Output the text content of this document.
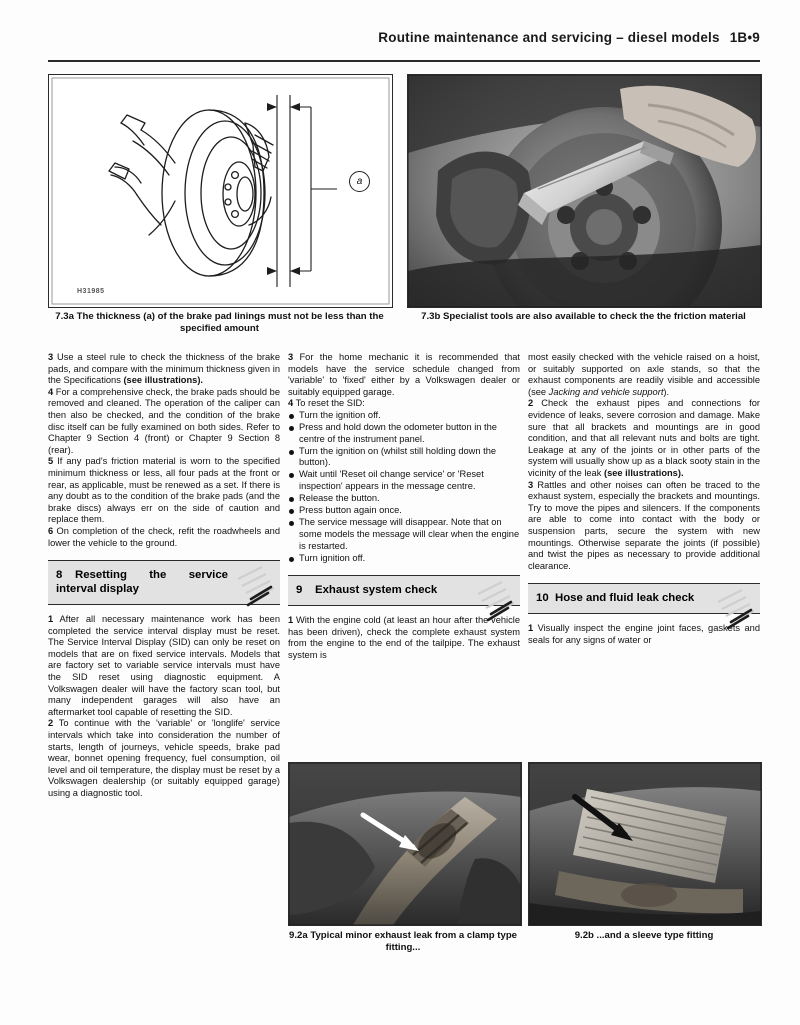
Routine maintenance and servicing – diesel models 1B•9
a
H31985
7.3a The thickness (a) of the brake pad linings must not be less than the specified amount
7.3b Specialist tools are also available to check the the friction material

3 Use a steel rule to check the thickness of the brake pads, and compare with the minimum thickness given in the Specifications (see illustrations).

4 For a comprehensive check, the brake pads should be removed and cleaned. The operation of the caliper can then also be checked, and the condition of the brake disc itself can be fully examined on both sides. Refer to Chapter 9 Section 4 (front) or Chapter 9 Section 8 (rear).

5 If any pad's friction material is worn to the specified minimum thickness or less, all four pads at the front or rear, as applicable, must be renewed as a set. If there is any doubt as to the condition of the brake pads (and the brake discs) always err on the side of caution and replace them.

6 On completion of the check, refit the roadwheels and lower the vehicle to the ground.

8 Resetting the service interval display

1 After all necessary maintenance work has been completed the service interval display must be reset. The Service Interval Display (SID) can only be reset on models that are on fixed service intervals. Models that are factory set to variable service intervals must have the SID reset using diagnostic equipment. A Volkswagen dealer will have the factory scan tool, but many independent garages will also have an aftermarket tool capable of resetting the SID.

2 To continue with the 'variable' or 'longlife' service intervals which take into consideration the number of starts, length of journeys, vehicle speeds, brake pad wear, bonnet opening frequency, fuel consumption, oil level and oil temperature, the display must be reset by a Volkswagen dealership (or suitably equipped garage) using a diagnostic tool.

3 For the home mechanic it is recommended that models have the service schedule changed from 'variable' to 'fixed' either by a Volkswagen dealer or suitably equipped garage.

4 To reset the SID:

Turn the ignition off.
Press and hold down the odometer button in the centre of the instrument panel.
Turn the ignition on (whilst still holding down the button).
Wait until 'Reset oil change service' or 'Reset inspection' appears in the message centre.
Release the button.
Press button again once.
The service message will disappear. Note that on some models the message will clear when the engine is restarted.
Turn ignition off.
9 Exhaust system check

1 With the engine cold (at least an hour after the vehicle has been driven), check the complete exhaust system from the engine to the end of the tailpipe. The exhaust system is

most easily checked with the vehicle raised on a hoist, or suitably supported on axle stands, so that the exhaust components are readily visible and accessible (see Jacking and vehicle support).

2 Check the exhaust pipes and connections for evidence of leaks, severe corrosion and damage. Make sure that all brackets and mountings are in good condition, and that all relevant nuts and bolts are tight. Leakage at any of the joints or in other parts of the system will usually show up as a black sooty stain in the vicinity of the leak (see illustrations).

3 Rattles and other noises can often be traced to the exhaust system, especially the brackets and mountings. Try to move the pipes and silencers. If the components are able to come into contact with the body or suspension parts, secure the system with new mountings. Otherwise separate the joints (if possible) and twist the pipes as necessary to provide additional clearance.

10 Hose and fluid leak check

1 Visually inspect the engine joint faces, gaskets and seals for any signs of water or

9.2a Typical minor exhaust leak from a clamp type fitting...
9.2b ...and a sleeve type fitting
